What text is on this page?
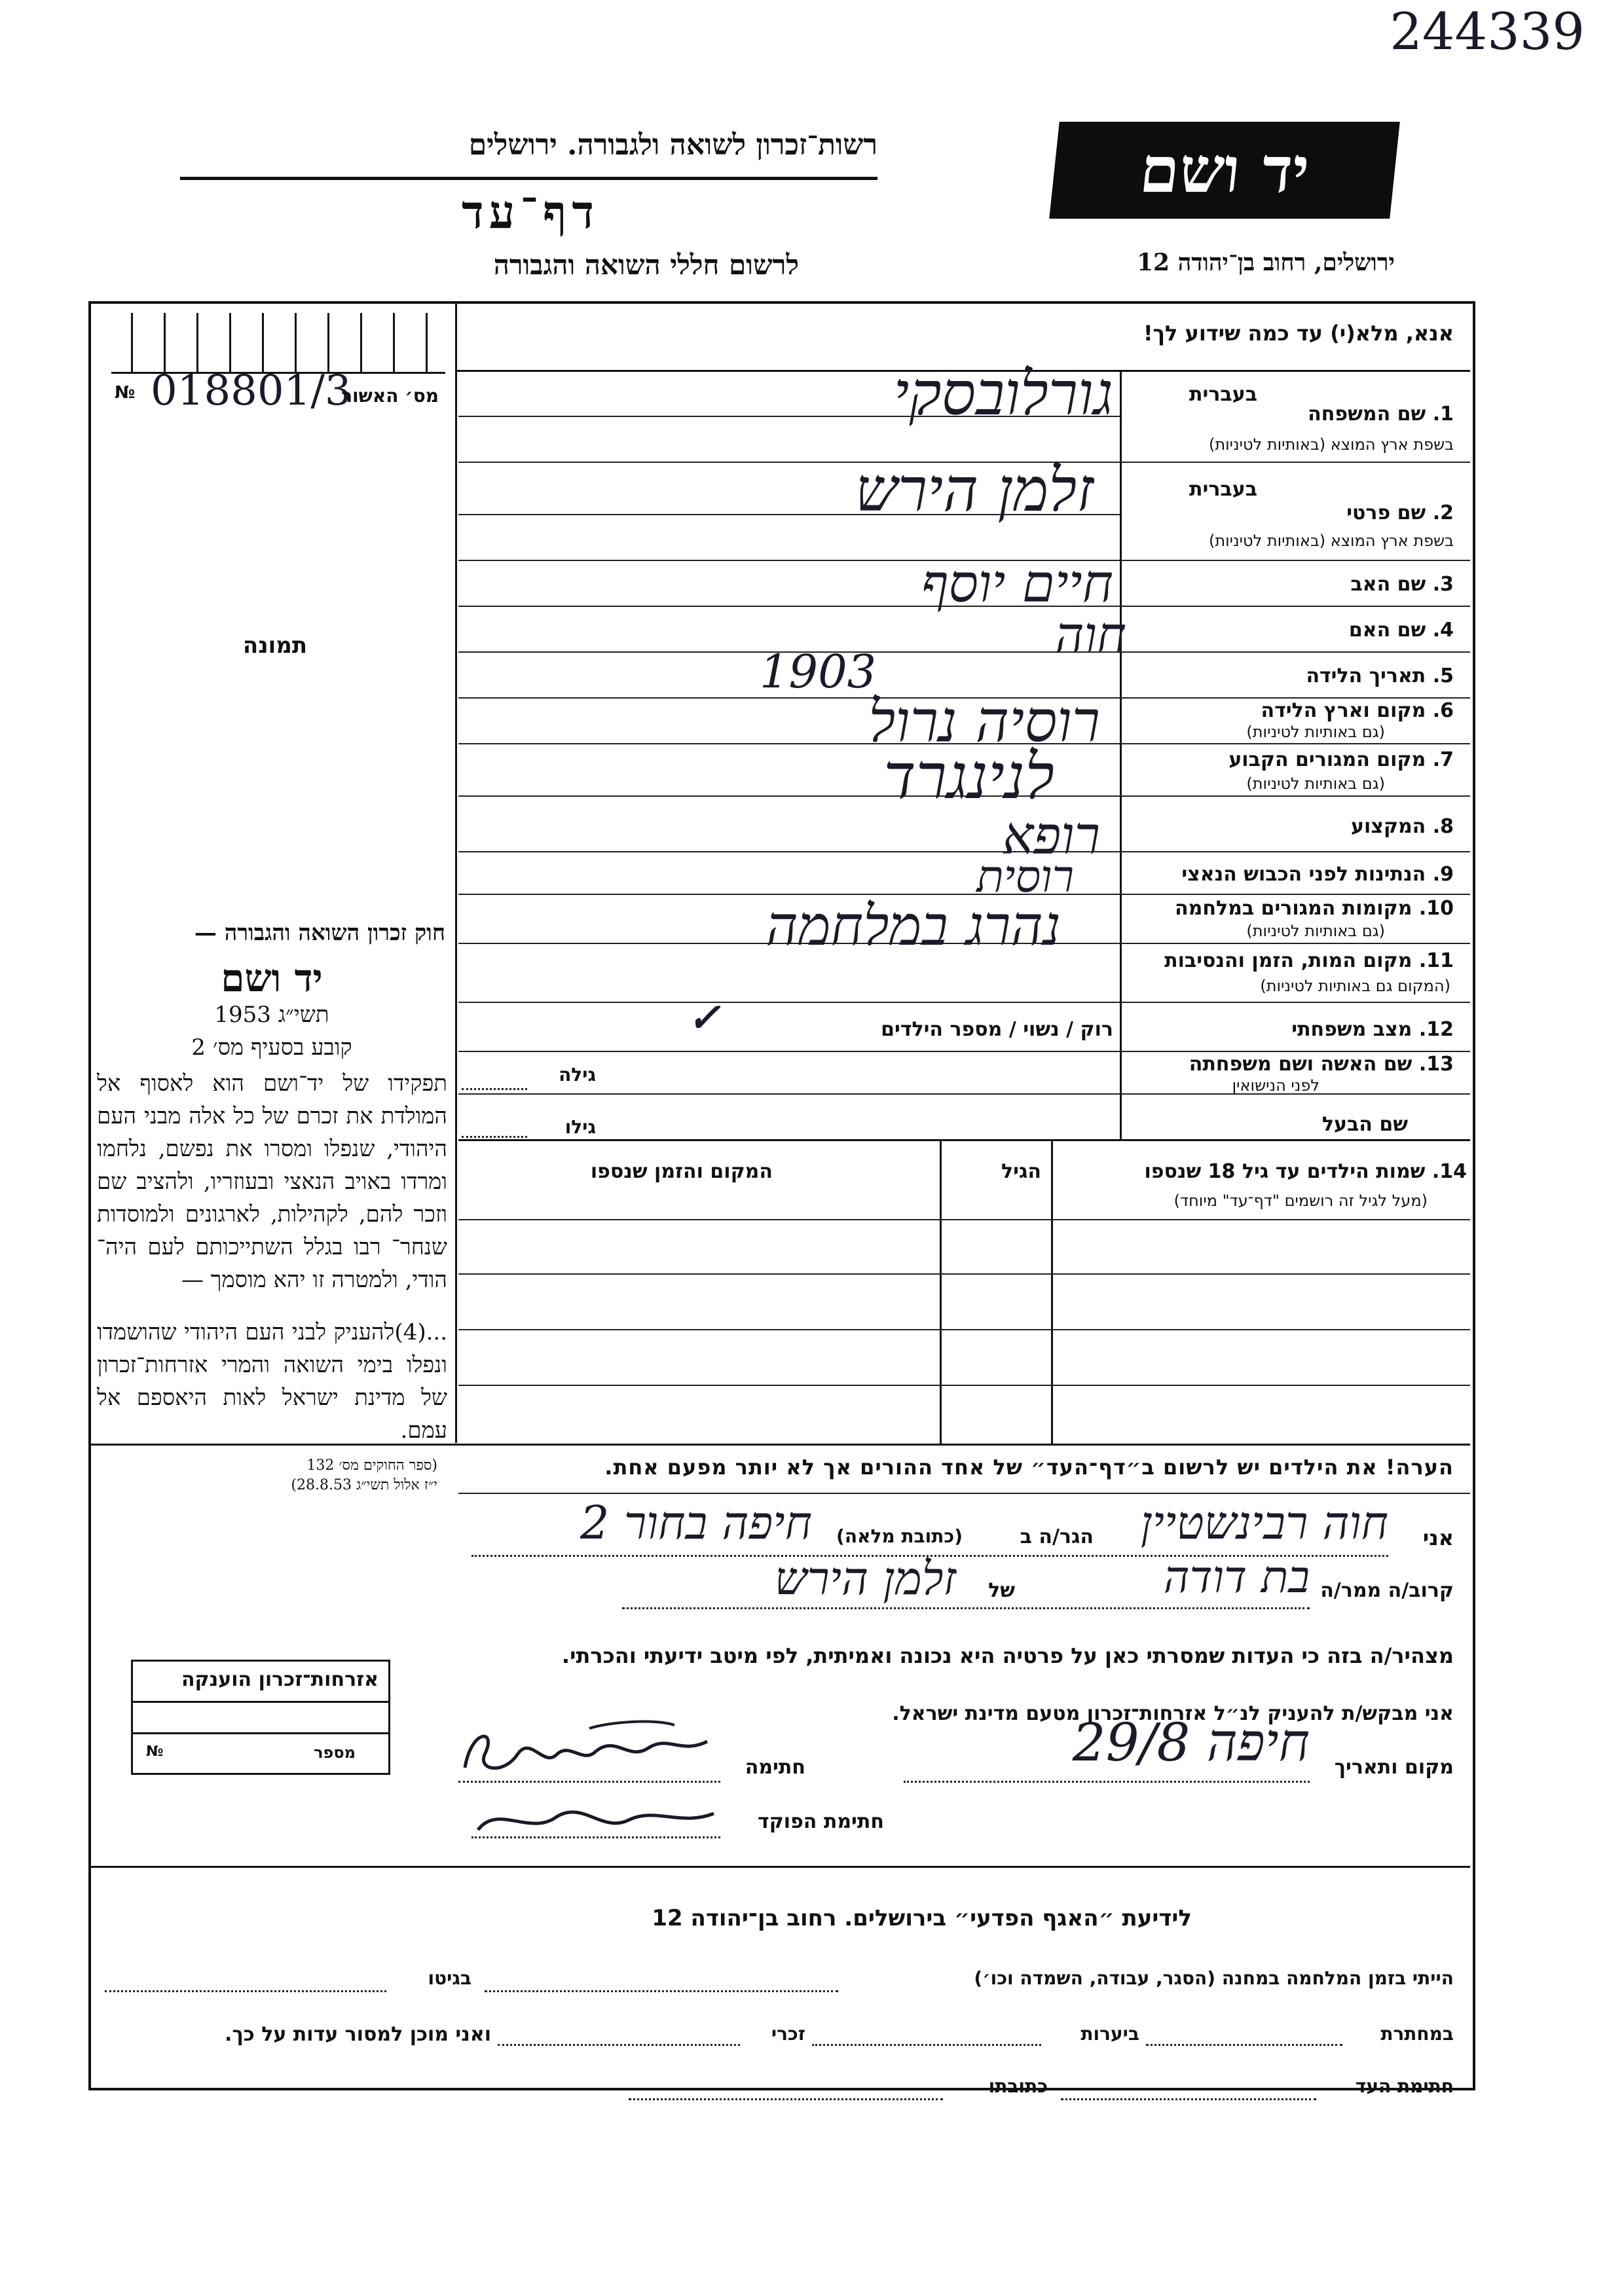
244339
רשות־זכרון לשואה ולגבורה. ירושלים
דף־עד
לרשום חללי השואה והגבורה
יד ושם
ירושלים, רחוב בן־יהודה 12
№ 018801/3
מס׳ האשור
תמונה
חוק זכרון השואה והגבורה —
יד ושם
תשי״ג 1953
קובע בסעיף מס׳ 2
תפקידו של יד־ושם הוא לאסוף אל המולדת את זכרם של כל אלה מבני העם היהודי, שנפלו ומסרו את נפשם, נלחמו ומרדו באויב הנאצי ובעוזריו, ולהציב שם וזכר להם, לקהילות, לארגונים ולמוסדות שנחר־ רבו בגלל השתייכותם לעם היה־ הודי, ולמטרה זו יהא מוסמך —
...(4)להעניק לבני העם היהודי שהושמדו ונפלו בימי השואה והמרי אזרחות־זכרון של מדינת ישראל לאות היאספם אל עמם.
(ספר החוקים מס׳ 132
י״ז אלול תשי״ג 28.8.53)
אנא, מלא(י) עד כמה שידוע לך!
בעברית
1. שם המשפחה
בשפת ארץ המוצא (באותיות לטיניות)
בעברית
2. שם פרטי
בשפת ארץ המוצא (באותיות לטיניות)
3. שם האב
4. שם האם
5. תאריך הלידה
6. מקום וארץ הלידה
(גם באותיות לטיניות)
7. מקום המגורים הקבוע
(גם באותיות לטיניות)
8. המקצוע
9. הנתינות לפני הכבוש הנאצי
10. מקומות המגורים במלחמה
(גם באותיות לטיניות)
11. מקום המות, הזמן והנסיבות
(המקום גם באותיות לטיניות)
12. מצב משפחתי
13. שם האשה ושם משפחתה
לפני הנישואין
שם הבעל
רוק / נשוי / מספר הילדים
✓
גילה
גילו
גורלובסקי
זלמן הירש
חיים יוסף
חוה
1903
רוסיה נרול
לנינגרד
רופא
רוסית
נהרג במלחמה
14. שמות הילדים עד גיל 18 שנספו
(מעל לגיל זה רושמים "דף־עד" מיוחד)
הגיל
המקום והזמן שנספו
הערה! את הילדים יש לרשום ב״דף־העד״ של אחד ההורים אך לא יותר מפעם אחת.
אני
חוה רבינשטיין
הגר/ה ב
(כתובת מלאה)
חיפה בחור 2
קרוב/ה ממר/ה
בת דודה
של
זלמן הירש
מצהיר/ה בזה כי העדות שמסרתי כאן על פרטיה היא נכונה ואמיתית, לפי מיטב ידיעתי והכרתי.
אני מבקש/ת להעניק לנ״ל אזרחות־זכרון מטעם מדינת ישראל.
מקום ותאריך
חיפה 29/8
חתימה
חתימת הפוקד
אזרחות־זכרון הוענקה
מספר
№
לידיעת ״האגף הפדעי״ בירושלים. רחוב בן־יהודה 12
הייתי בזמן המלחמה במחנה (הסגר, עבודה, השמדה וכו׳)
בגיטו
במחתרת
ביערות
זכרי
ואני מוכן למסור עדות על כך.
חתימת העד
כתובתו
